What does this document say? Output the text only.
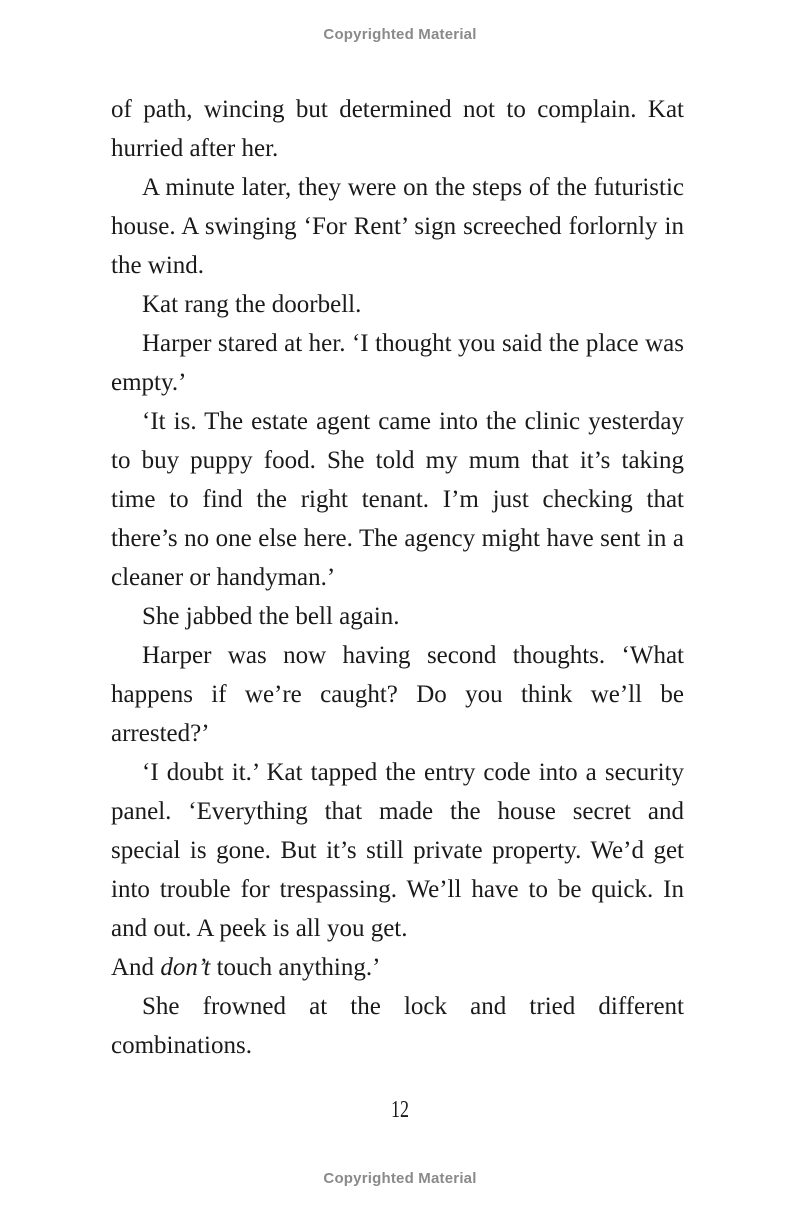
Copyrighted Material

of path, wincing but determined not to complain. Kat hurried after her.

A minute later, they were on the steps of the futuristic house. A swinging ‘For Rent’ sign screeched forlornly in the wind.

Kat rang the doorbell.

Harper stared at her. ‘I thought you said the place was empty.’

‘It is. The estate agent came into the clinic yesterday to buy puppy food. She told my mum that it’s taking time to find the right tenant. I’m just checking that there’s no one else here. The agency might have sent in a cleaner or handyman.’

She jabbed the bell again.

Harper was now having second thoughts. ‘What happens if we’re caught? Do you think we’ll be arrested?’

‘I doubt it.’ Kat tapped the entry code into a security panel. ‘Everything that made the house secret and special is gone. But it’s still private property. We’d get into trouble for trespassing. We’ll have to be quick. In and out. A peek is all you get.

And don’t touch anything.’

She frowned at the lock and tried different combinations.

12
Copyrighted Material
